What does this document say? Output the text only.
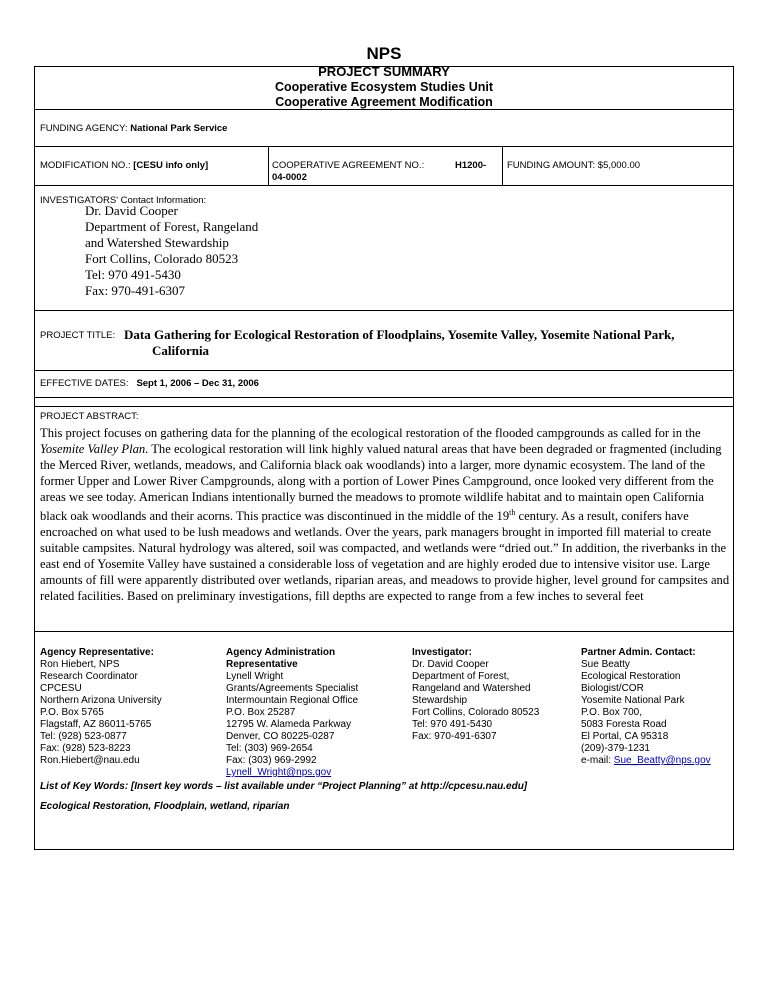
NPS
PROJECT SUMMARY
Cooperative Ecosystem Studies Unit
Cooperative Agreement Modification
FUNDING AGENCY: National Park Service
MODIFICATION NO.: [CESU info only]	COOPERATIVE AGREEMENT NO.:	H1200-
04-0002
FUNDING AMOUNT: $5,000.00
INVESTIGATORS' Contact Information:
Dr. David Cooper
Department of Forest, Rangeland
and Watershed Stewardship
Fort Collins, Colorado 80523
Tel: 970 491-5430
Fax: 970-491-6307
PROJECT TITLE: Data Gathering for Ecological Restoration of Floodplains, Yosemite Valley, Yosemite National Park,
California
EFFECTIVE DATES: Sept 1, 2006 – Dec 31, 2006
PROJECT ABSTRACT:
This project focuses on gathering data for the planning of the ecological restoration of the flooded campgrounds as called for in the Yosemite Valley Plan. The ecological restoration will link highly valued natural areas that have been degraded or fragmented (including the Merced River, wetlands, meadows, and California black oak woodlands) into a larger, more dynamic ecosystem. The land of the former Upper and Lower River Campgrounds, along with a portion of Lower Pines Campground, once looked very different from the areas we see today. American Indians intentionally burned the meadows to promote wildlife habitat and to maintain open California black oak woodlands and their acorns. This practice was discontinued in the middle of the 19th century. As a result, conifers have encroached on what used to be lush meadows and wetlands. Over the years, park managers brought in imported fill material to create suitable campsites. Natural hydrology was altered, soil was compacted, and wetlands were “dried out.” In addition, the riverbanks in the east end of Yosemite Valley have sustained a considerable loss of vegetation and are highly eroded due to intensive visitor use. Large amounts of fill were apparently distributed over wetlands, riparian areas, and meadows to provide higher, level ground for campsites and related facilities. Based on preliminary investigations, fill depths are expected to range from a few inches to several feet
Agency Representative:
Ron Hiebert, NPS
Research Coordinator
CPCESU
Northern Arizona University
P.O. Box 5765
Flagstaff, AZ 86011-5765
Tel: (928) 523-0877
Fax: (928) 523-8223
Ron.Hiebert@nau.edu
Agency Administration
Representative
Lynell Wright
Grants/Agreements Specialist
Intermountain Regional Office
P.O. Box 25287
12795 W. Alameda Parkway
Denver, CO 80225-0287
Tel: (303) 969-2654
Fax: (303) 969-2992
Lynell_Wright@nps.gov
Investigator:
Dr. David Cooper
Department of Forest,
Rangeland and Watershed
Stewardship
Fort Collins, Colorado 80523
Tel: 970 491-5430
Fax: 970-491-6307
Partner Admin. Contact:
Sue Beatty
Ecological Restoration
Biologist/COR
Yosemite National Park
P.O. Box 700,
5083 Foresta Road
El Portal, CA 95318
(209)-379-1231
e-mail: Sue_Beatty@nps.gov
List of Key Words: [Insert key words – list available under “Project Planning” at http://cpcesu.nau.edu]
Ecological Restoration, Floodplain, wetland, riparian
